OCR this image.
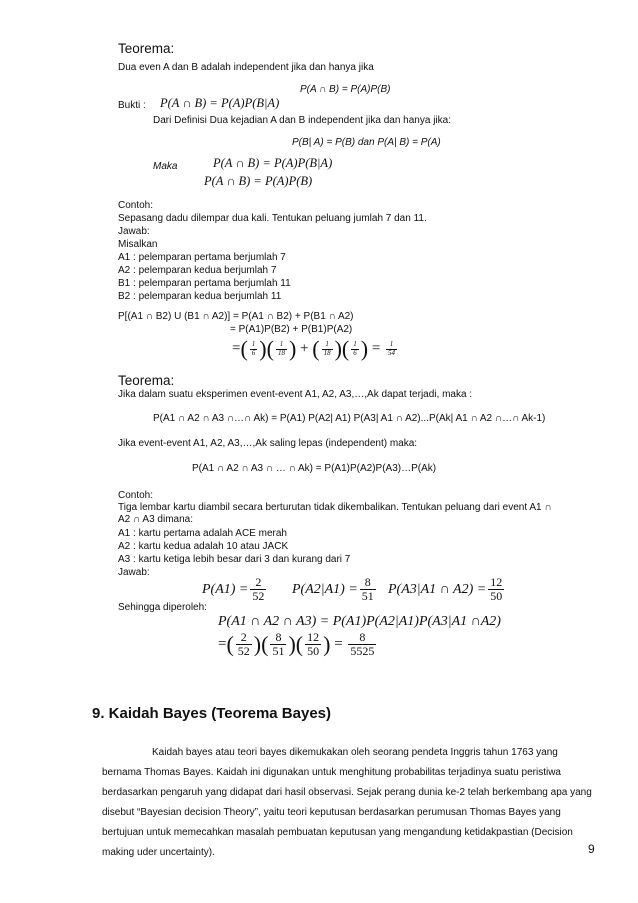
Teorema:
Dua even A dan B adalah independent jika dan hanya jika
P(A ∩ B) = P(A)P(B)
Bukti : P(A ∩ B) = P(A)P(B|A)
Dari Definisi Dua kejadian A dan B independent jika dan hanya jika:
P(B| A) = P(B) dan P(A| B) = P(A)
Maka	P(A ∩ B) = P(A)P(B|A)
P(A ∩ B) = P(A)P(B)
Contoh:
Sepasang dadu dilempar dua kali. Tentukan peluang jumlah 7 dan 11.
Jawab:
Misalkan
A1 : pelemparan pertama berjumlah 7
A2 : pelemparan kedua berjumlah 7
B1 : pelemparan pertama berjumlah 11
B2 : pelemparan kedua berjumlah 11
P[(A1 ∩ B2) U (B1 ∩ A2)] = P(A1 ∩ B2) + P(B1 ∩ A2)
= P(A1)P(B2) + P(B1)P(A2)
=( $\frac{1}{6}$ )( $\frac{1}{18}$ ) + ( $\frac{1}{18}$ )( $\frac{1}{6}$ ) = $\frac{1}{54}$
Teorema:
Jika dalam suatu eksperimen event-event A1, A2, A3,…,Ak dapat terjadi, maka :
P(A1 ∩ A2 ∩ A3 ∩…∩ Ak) = P(A1) P(A2| A1) P(A3| A1 ∩ A2)...P(Ak| A1 ∩ A2 ∩…∩ Ak-1)
Jika event-event A1, A2, A3,…,Ak saling lepas (independent) maka:
P(A1 ∩ A2 ∩ A3 ∩ … ∩ Ak) = P(A1)P(A2)P(A3)…P(Ak)
Contoh:
Tiga lembar kartu diambil secara berturutan tidak dikembalikan. Tentukan peluang dari event A1 ∩
A2 ∩ A3 dimana:
A1 : kartu pertama adalah ACE merah
A2 : kartu kedua adalah 10 atau JACK
A3 : kartu ketiga lebih besar dari 3 dan kurang dari 7
Jawab:
$P(A1) = \frac{2}{52} P(A2|A1) = \frac{8}{51} P(A3|A1$ ∩ $A2) = \frac{12}{50}$
Sehingga diperoleh:
P(A1 ∩ A2 ∩ A3) = P(A1)P(A2|A1)P(A3|A1 ∩A2)
=( $\frac{2}{52}$ )( $\frac{8}{51}$ )( $\frac{12}{50}$ ) = $\frac{8}{5525}$
9. Kaidah Bayes (Teorema Bayes)
Kaidah bayes atau teori bayes dikemukakan oleh seorang pendeta Inggris tahun 1763 yang bernama Thomas Bayes. Kaidah ini digunakan untuk menghitung probabilitas terjadinya suatu peristiwa berdasarkan pengaruh yang didapat dari hasil observasi. Sejak perang dunia ke-2 telah berkembang apa yang disebut “Bayesian decision Theory”, yaitu teori keputusan berdasarkan perumusan Thomas Bayes yang bertujuan untuk memecahkan masalah pembuatan keputusan yang mengandung ketidakpastian (Decision making uder uncertainty).	9
